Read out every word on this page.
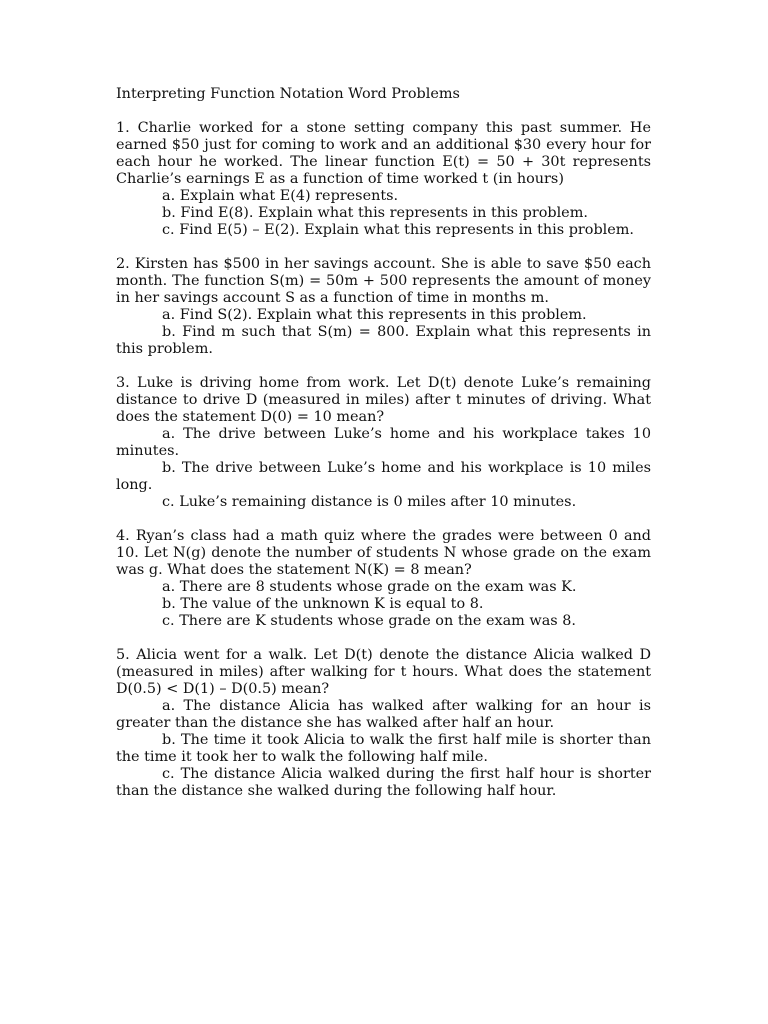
Interpreting Function Notation Word Problems

1. Charlie worked for a stone setting company this past summer. He earned $50 just for coming to work and an additional $30 every hour for each hour he worked. The linear function E(t) = 50 + 30t represents Charlie’s earnings E as a function of time worked t (in hours)

a. Explain what E(4) represents.

b. Find E(8). Explain what this represents in this problem.

c. Find E(5) – E(2). Explain what this represents in this problem.

2. Kirsten has $500 in her savings account. She is able to save $50 each month. The function S(m) = 50m + 500 represents the amount of money in her savings account S as a function of time in months m.

a. Find S(2). Explain what this represents in this problem.

b. Find m such that S(m) = 800. Explain what this represents in this problem.

3. Luke is driving home from work. Let D(t) denote Luke’s remaining distance to drive D (measured in miles) after t minutes of driving. What does the statement D(0) = 10 mean?

a. The drive between Luke’s home and his workplace takes 10 minutes.

b. The drive between Luke’s home and his workplace is 10 miles long.

c. Luke’s remaining distance is 0 miles after 10 minutes.

4. Ryan’s class had a math quiz where the grades were between 0 and 10. Let N(g) denote the number of students N whose grade on the exam was g. What does the statement N(K) = 8 mean?

a. There are 8 students whose grade on the exam was K.

b. The value of the unknown K is equal to 8.

c. There are K students whose grade on the exam was 8.

5. Alicia went for a walk. Let D(t) denote the distance Alicia walked D (measured in miles) after walking for t hours. What does the statement D(0.5) < D(1) – D(0.5) mean?

a. The distance Alicia has walked after walking for an hour is greater than the distance she has walked after half an hour.

b. The time it took Alicia to walk the first half mile is shorter than the time it took her to walk the following half mile.

c. The distance Alicia walked during the first half hour is shorter than the distance she walked during the following half hour.
